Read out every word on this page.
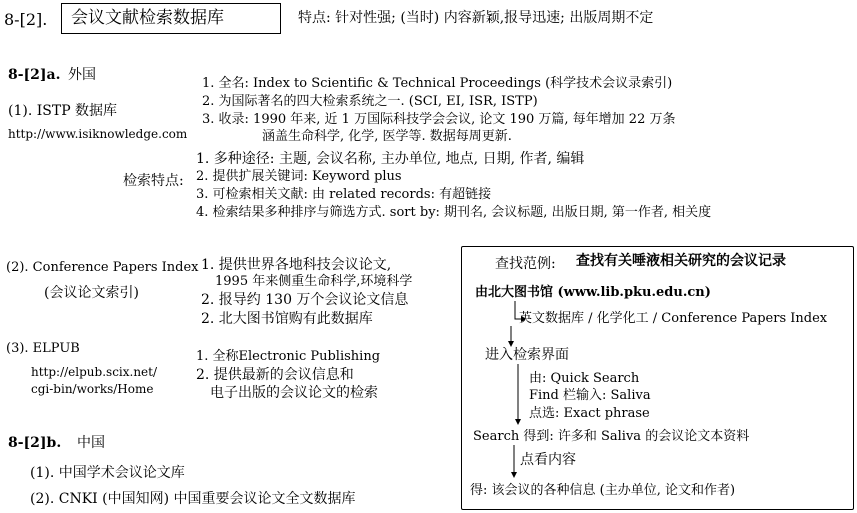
8-[2]. 会议文献检索数据库	特点: 针对性强; (当时) 内容新颖,报导迅速; 出版周期不定
8-[2]a. 外国
(1). ISTP 数据库
http://www.isiknowledge.com
1. 全名: Index to Scientific & Technical Proceedings (科学技术会议录索引)
2. 为国际著名的四大检索系统之一. (SCI, EI, ISR, ISTP)
3. 收录: 1990 年来, 近 1 万国际科技学会会议, 论文 190 万篇, 每年增加 22 万条
涵盖生命科学, 化学, 医学等. 数据每周更新.
检索特点:
1. 多种途径: 主题, 会议名称, 主办单位, 地点, 日期, 作者, 编辑
2. 提供扩展关键词: Keyword plus
3. 可检索相关文献: 由 related records: 有超链接
4. 检索结果多种排序与筛选方式. sort by: 期刊名, 会议标题, 出版日期, 第一作者, 相关度
(2). Conference Papers Index
(会议论文索引)
1. 提供世界各地科技会议论文,
1995 年来侧重生命科学,环境科学
2. 报导约 130 万个会议论文信息
2. 北大图书馆购有此数据库
(3). ELPUB
http://elpub.scix.net/
cgi-bin/works/Home
1. 全称Electronic Publishing
2. 提供最新的会议信息和
电子出版的会议论文的检索
8-[2]b. 中国
(1). 中国学术会议论文库
(2). CNKI (中国知网) 中国重要会议论文全文数据库
查找范例: 查找有关唾液相关研究的会议记录
由北大图书馆 (www.lib.pku.edu.cn)
英文数据库 / 化学化工 / Conference Papers Index
进入检索界面
由: Quick Search
Find 栏输入: Saliva
点选: Exact phrase
Search 得到: 许多和 Saliva 的会议论文本资料
点看内容
得: 该会议的各种信息 (主办单位, 论文和作者)
